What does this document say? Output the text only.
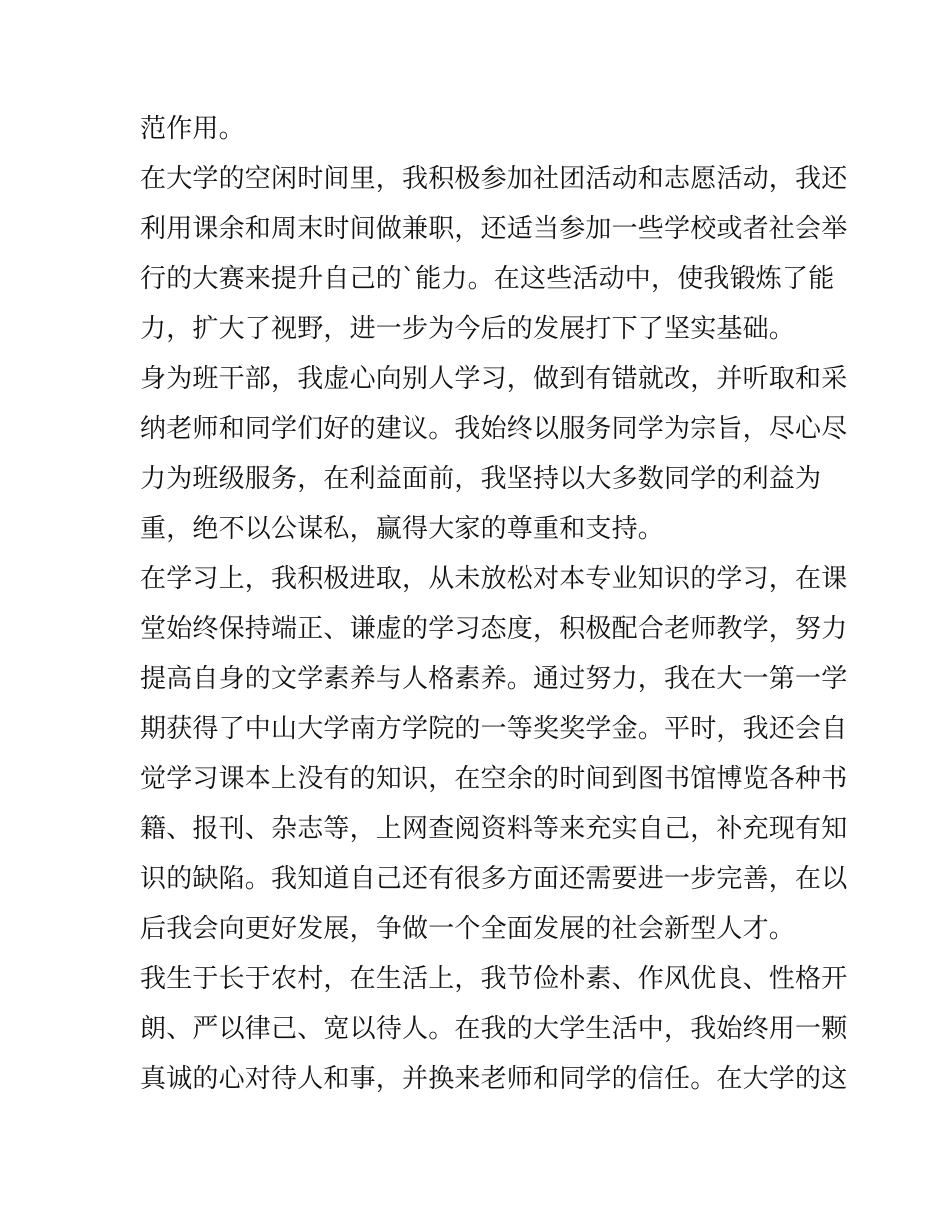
范作用。
在大学的空闲时间里，我积极参加社团活动和志愿活动，我还
利用课余和周末时间做兼职，还适当参加一些学校或者社会举
行的大赛来提升自己的`能力。在这些活动中，使我锻炼了能
力，扩大了视野，进一步为今后的发展打下了坚实基础。
身为班干部，我虚心向别人学习，做到有错就改，并听取和采
纳老师和同学们好的建议。我始终以服务同学为宗旨，尽心尽
力为班级服务，在利益面前，我坚持以大多数同学的利益为
重，绝不以公谋私，赢得大家的尊重和支持。
在学习上，我积极进取，从未放松对本专业知识的学习，在课
堂始终保持端正、谦虚的学习态度，积极配合老师教学，努力
提高自身的文学素养与人格素养。通过努力，我在大一第一学
期获得了中山大学南方学院的一等奖奖学金。平时，我还会自
觉学习课本上没有的知识，在空余的时间到图书馆博览各种书
籍、报刊、杂志等，上网查阅资料等来充实自己，补充现有知
识的缺陷。我知道自己还有很多方面还需要进一步完善，在以
后我会向更好发展，争做一个全面发展的社会新型人才。
我生于长于农村，在生活上，我节俭朴素、作风优良、性格开
朗、严以律己、宽以待人。在我的大学生活中，我始终用一颗
真诚的心对待人和事，并换来老师和同学的信任。在大学的这
